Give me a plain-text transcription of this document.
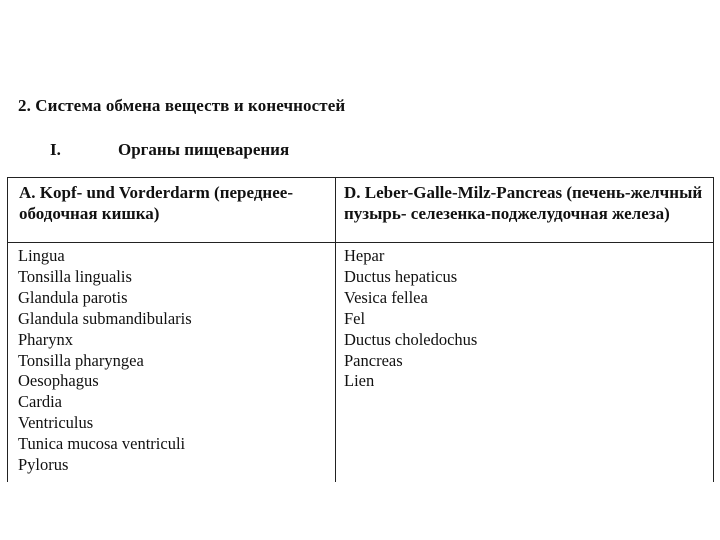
2. Система обмена веществ и конечностей
I.	Органы пищеварения
A. Kopf- und Vorderdarm (переднее-ободочная кишка)
Lingua
Tonsilla lingualis
Glandula parotis
Glandula submandibularis
Pharynx
Tonsilla pharyngea
Oesophagus
Cardia
Ventriculus
Tunica mucosa ventriculi
Pylorus
D. Leber-Galle-Milz-Pancreas (печень-желчный пузырь- селезенка-поджелудочная железа)
Hepar
Ductus hepaticus
Vesica fellea
Fel
Ductus choledochus
Pancreas
Lien
